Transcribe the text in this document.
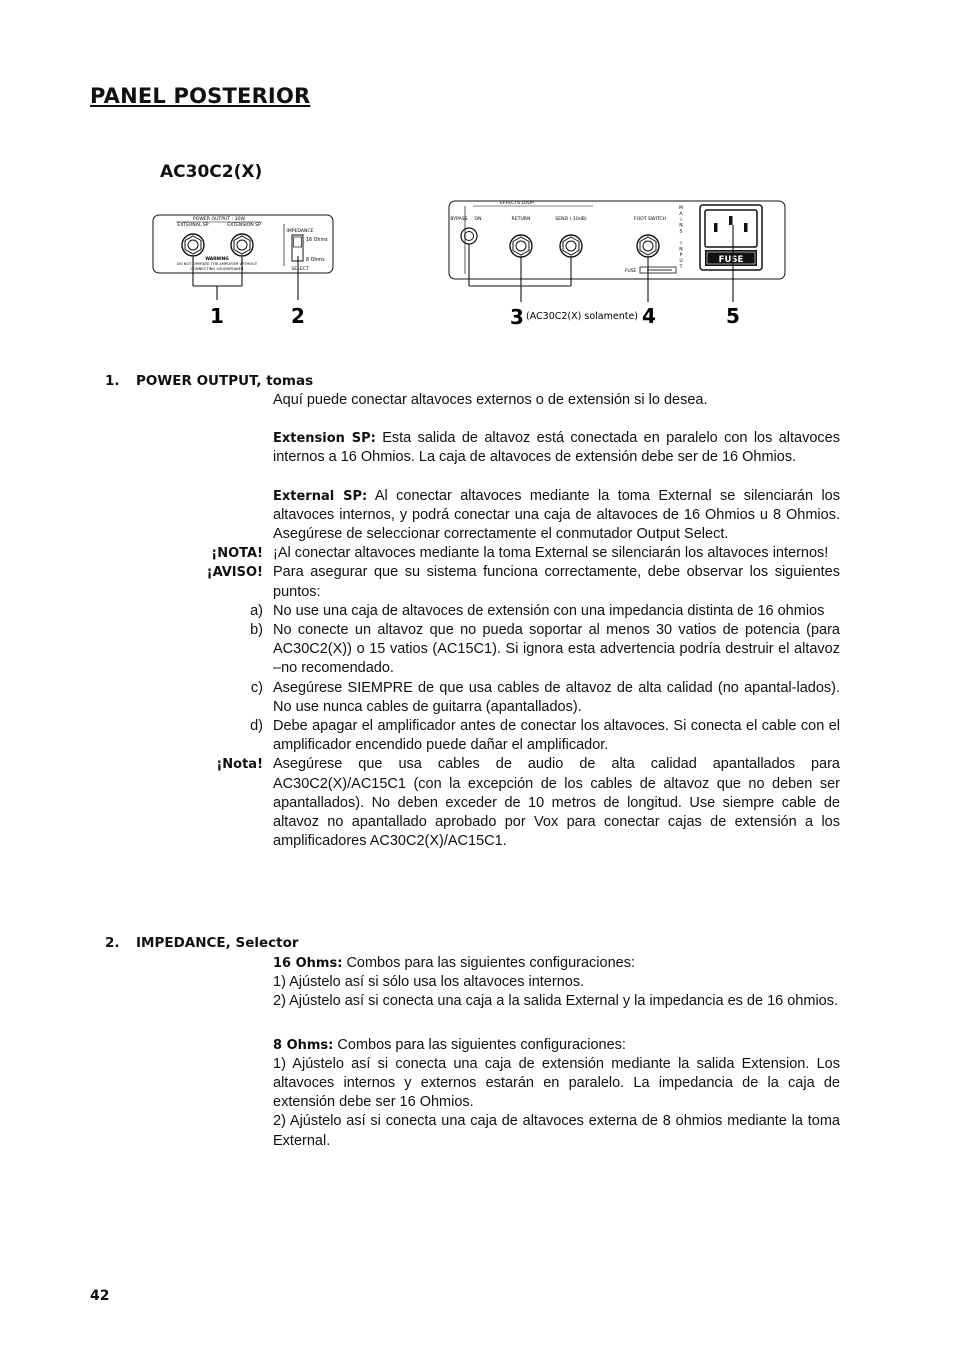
PANEL POSTERIOR
AC30C2(X)
POWER OUTPUT : 30W
EXTERNAL SP	EXTENSION SP
WARNING
DO NOT OPERATE THE AMPLIFIER WITHOUT
CONNECTING LOUDSPEAKER
IMPEDANCE
16 Ohms
8 Ohms
SELECT
EFFECTS LOOP
BYPASS ON	RETURN	SEND (-10dB)	FOOT SWITCH
FUSE
M A I N S I N P U T
FUSE
1	2	3 (AC30C2(X) solamente) 4	5
1. POWER OUTPUT, tomas

Aquí puede conectar altavoces externos o de extensión si lo desea.

Extension SP: Esta salida de altavoz está conectada en paralelo con los altavoces internos a 16 Ohmios. La caja de altavoces de extensión debe ser de 16 Ohmios.

External SP: Al conectar altavoces mediante la toma External se silenciarán los altavoces internos, y podrá conectar una caja de altavoces de 16 Ohmios u 8 Ohmios. Asegúrese de seleccionar correctamente el conmutador Output Select.

¡NOTA! ¡Al conectar altavoces mediante la toma External se silenciarán los altavoces internos!

¡AVISO! Para asegurar que su sistema funciona correctamente, debe observar los siguientes puntos:

a) No use una caja de altavoces de extensión con una impedancia distinta de 16 ohmios

b) No conecte un altavoz que no pueda soportar al menos 30 vatios de potencia (para AC30C2(X)) o 15 vatios (AC15C1). Si ignora esta advertencia podría destruir el altavoz –no recomendado.

c) Asegúrese SIEMPRE de que usa cables de altavoz de alta calidad (no apantal-lados). No use nunca cables de guitarra (apantallados).

d) Debe apagar el amplificador antes de conectar los altavoces. Si conecta el cable con el amplificador encendido puede dañar el amplificador.

¡Nota! Asegúrese que usa cables de audio de alta calidad apantallados para AC30C2(X)/AC15C1 (con la excepción de los cables de altavoz que no deben ser apantallados). No deben exceder de 10 metros de longitud. Use siempre cable de altavoz no apantallado aprobado por Vox para conectar cajas de extensión a los amplificadores AC30C2(X)/AC15C1.

2. IMPEDANCE, Selector

16 Ohms: Combos para las siguientes configuraciones:

1) Ajústelo así si sólo usa los altavoces internos.

2) Ajústelo así si conecta una caja a la salida External y la impedancia es de 16 ohmios.

8 Ohms: Combos para las siguientes configuraciones:

1) Ajústelo así si conecta una caja de extensión mediante la salida Extension. Los altavoces internos y externos estarán en paralelo. La impedancia de la caja de extensión debe ser 16 Ohmios.

2) Ajústelo así si conecta una caja de altavoces externa de 8 ohmios mediante la toma External.

42
